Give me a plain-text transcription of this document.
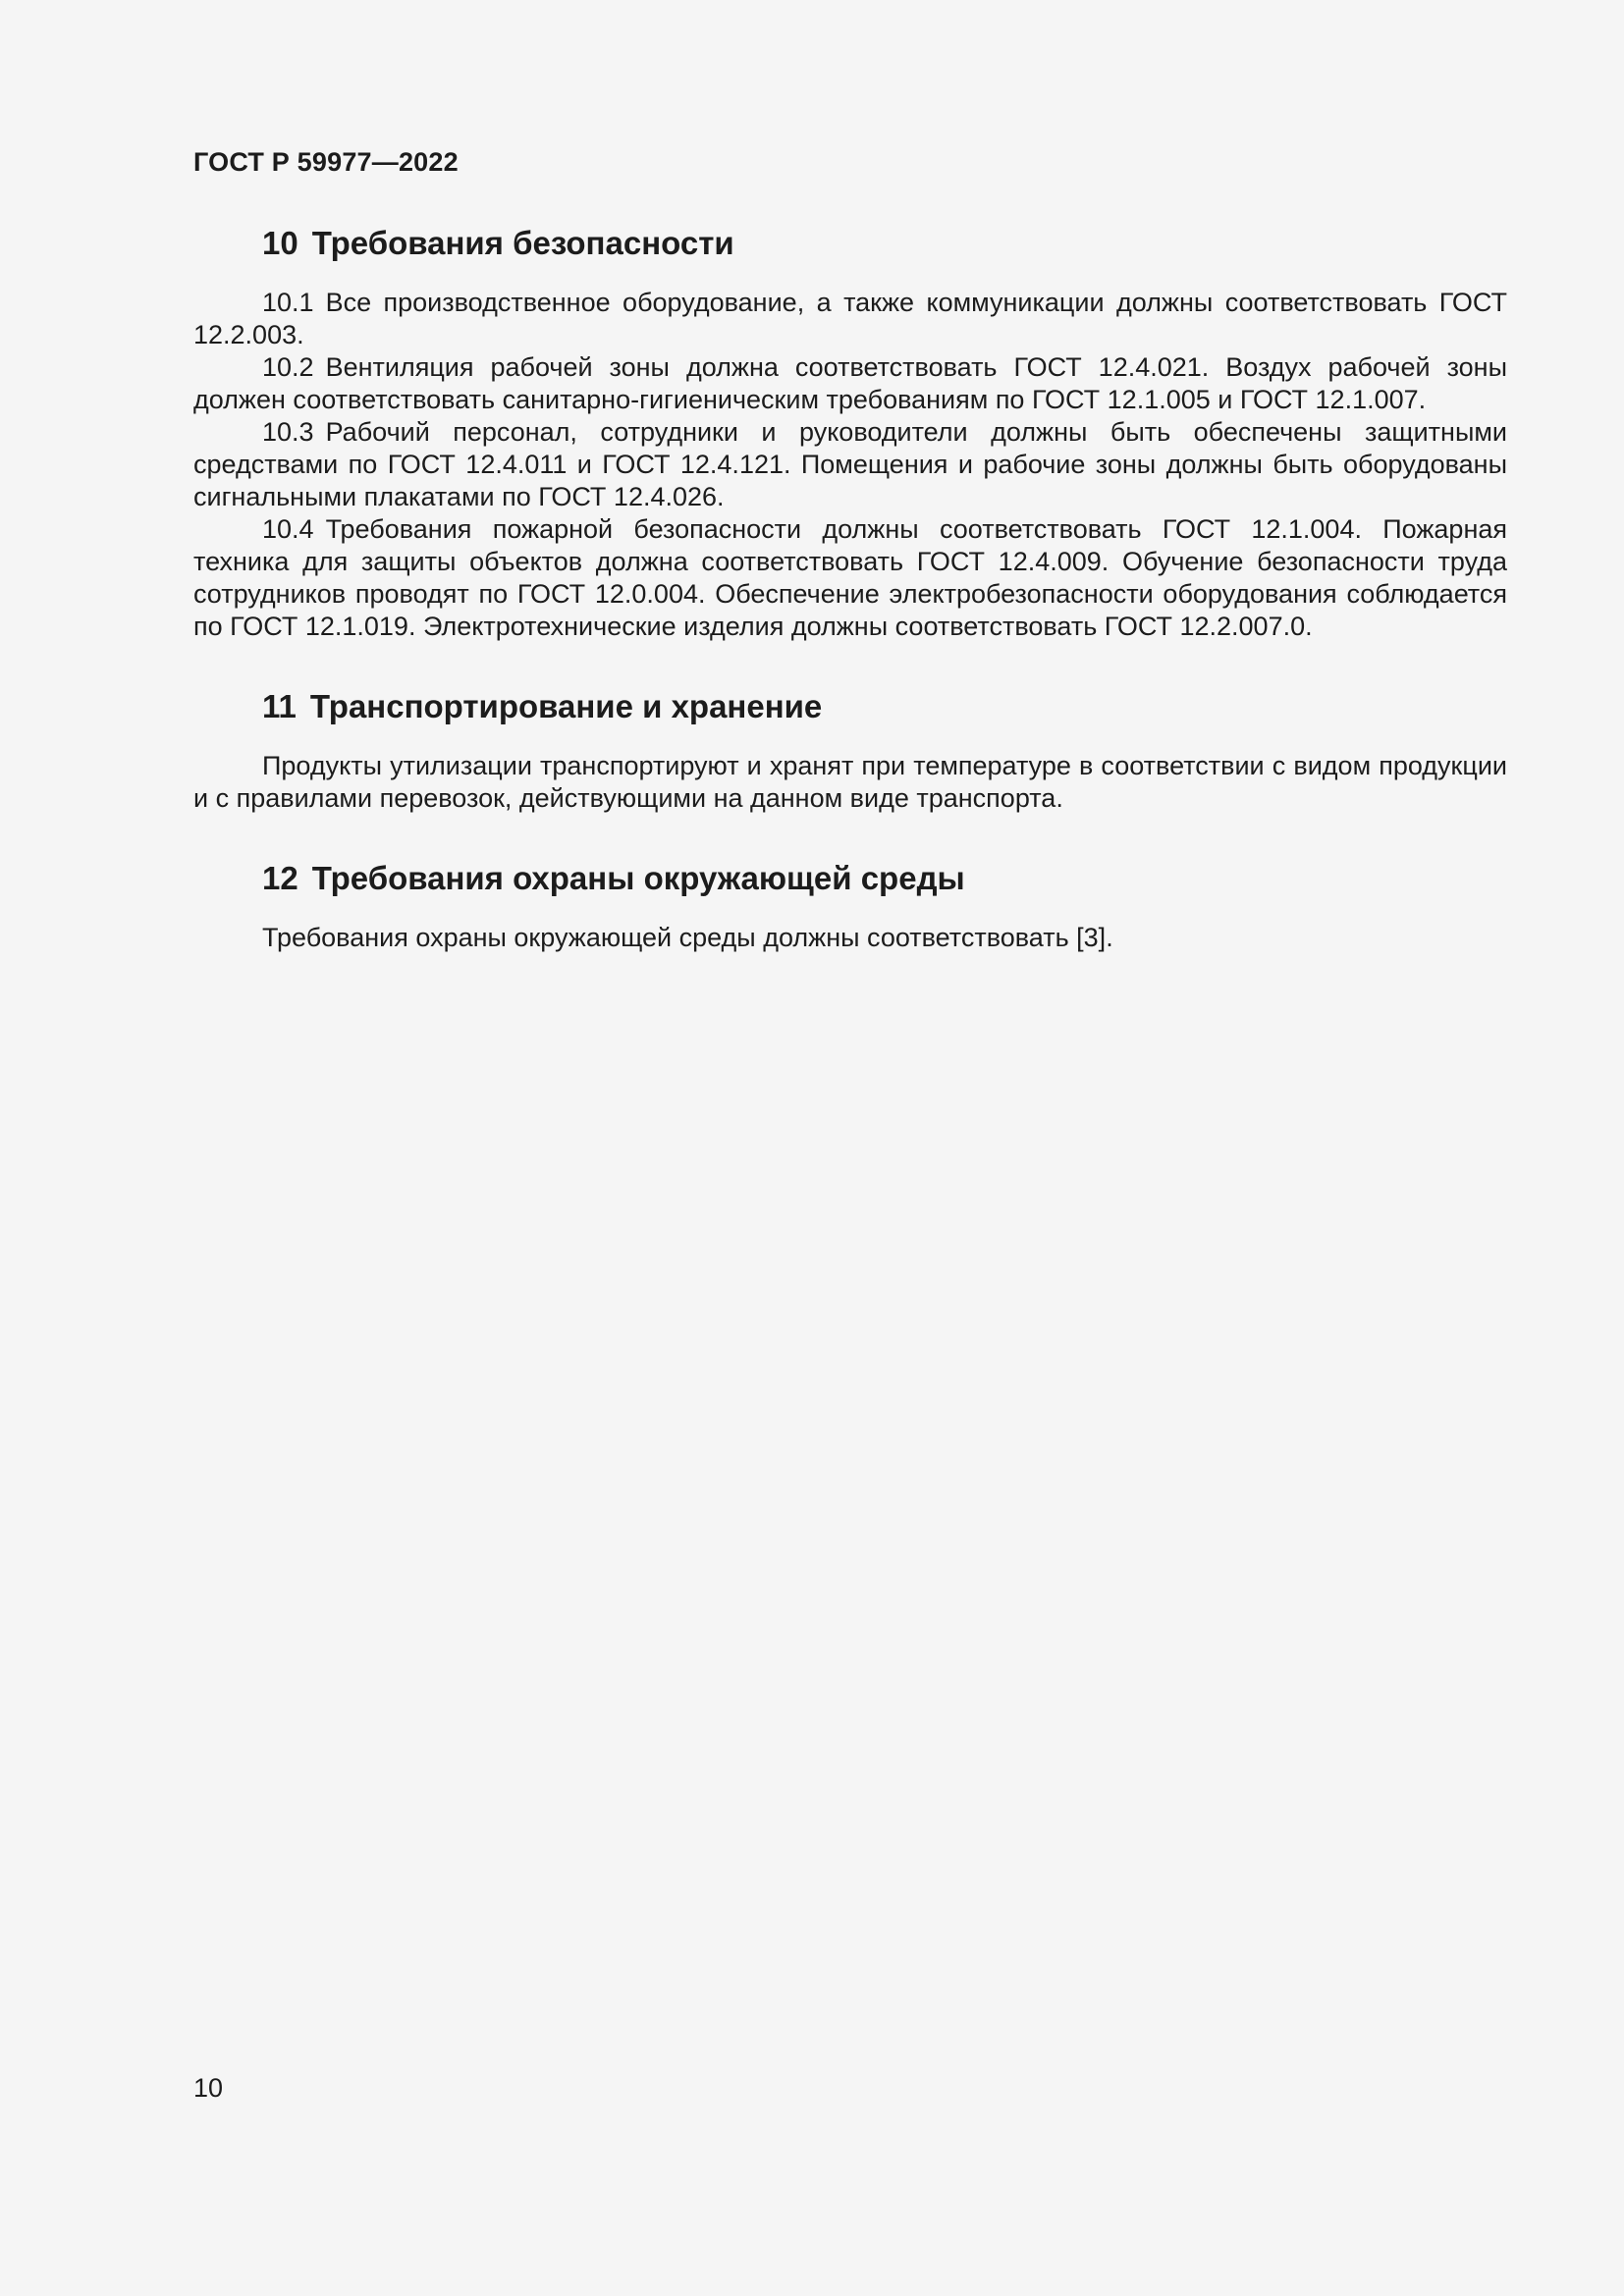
ГОСТ Р 59977—2022
10 Требования безопасности

10.1 Все производственное оборудование, а также коммуникации должны соответствовать ГОСТ 12.2.003.

10.2 Вентиляция рабочей зоны должна соответствовать ГОСТ 12.4.021. Воздух рабочей зоны должен соответствовать санитарно-гигиеническим требованиям по ГОСТ 12.1.005 и ГОСТ 12.1.007.

10.3 Рабочий персонал, сотрудники и руководители должны быть обеспечены защитными средствами по ГОСТ 12.4.011 и ГОСТ 12.4.121. Помещения и рабочие зоны должны быть оборудованы сигнальными плакатами по ГОСТ 12.4.026.

10.4 Требования пожарной безопасности должны соответствовать ГОСТ 12.1.004. Пожарная техника для защиты объектов должна соответствовать ГОСТ 12.4.009. Обучение безопасности труда сотрудников проводят по ГОСТ 12.0.004. Обеспечение электробезопасности оборудования соблюдается по ГОСТ 12.1.019. Электротехнические изделия должны соответствовать ГОСТ 12.2.007.0.

11 Транспортирование и хранение

Продукты утилизации транспортируют и хранят при температуре в соответствии с видом продукции и с правилами перевозок, действующими на данном виде транспорта.

12 Требования охраны окружающей среды

Требования охраны окружающей среды должны соответствовать [3].

10
